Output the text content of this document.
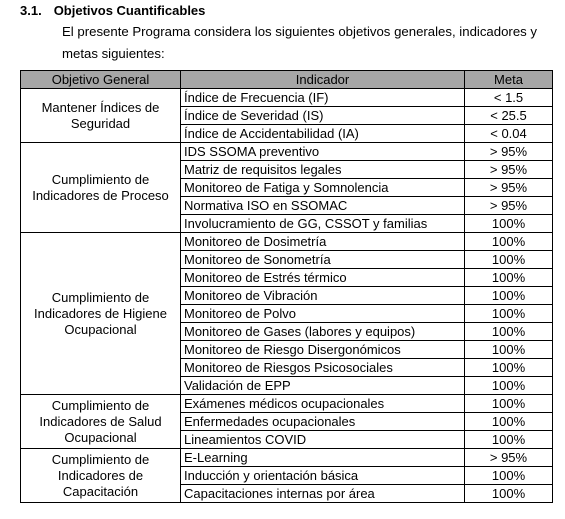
3.1. Objetivos Cuantificables
El presente Programa considera los siguientes objetivos generales, indicadores y metas siguientes:
Objetivo General	Indicador	Meta
Mantener Índices de Seguridad	Índice de Frecuencia (IF)	< 1.5
	Índice de Severidad (IS)	< 25.5
	Índice de Accidentabilidad (IA)	< 0.04
Cumplimiento de Indicadores de Proceso	IDS SSOMA preventivo	> 95%
	Matriz de requisitos legales	> 95%
	Monitoreo de Fatiga y Somnolencia	> 95%
	Normativa ISO en SSOMAC	> 95%
	Involucramiento de GG, CSSOT y familias	100%
Cumplimiento de Indicadores de Higiene Ocupacional	Monitoreo de Dosimetría	100%
	Monitoreo de Sonometría	100%
	Monitoreo de Estrés térmico	100%
	Monitoreo de Vibración	100%
	Monitoreo de Polvo	100%
	Monitoreo de Gases (labores y equipos)	100%
	Monitoreo de Riesgo Disergonómicos	100%
	Monitoreo de Riesgos Psicosociales	100%
	Validación de EPP	100%
Cumplimiento de Indicadores de Salud Ocupacional	Exámenes médicos ocupacionales	100%
	Enfermedades ocupacionales	100%
	Lineamientos COVID	100%
Cumplimiento de Indicadores de Capacitación	E-Learning	> 95%
	Inducción y orientación básica	100%
	Capacitaciones internas por área	100%
